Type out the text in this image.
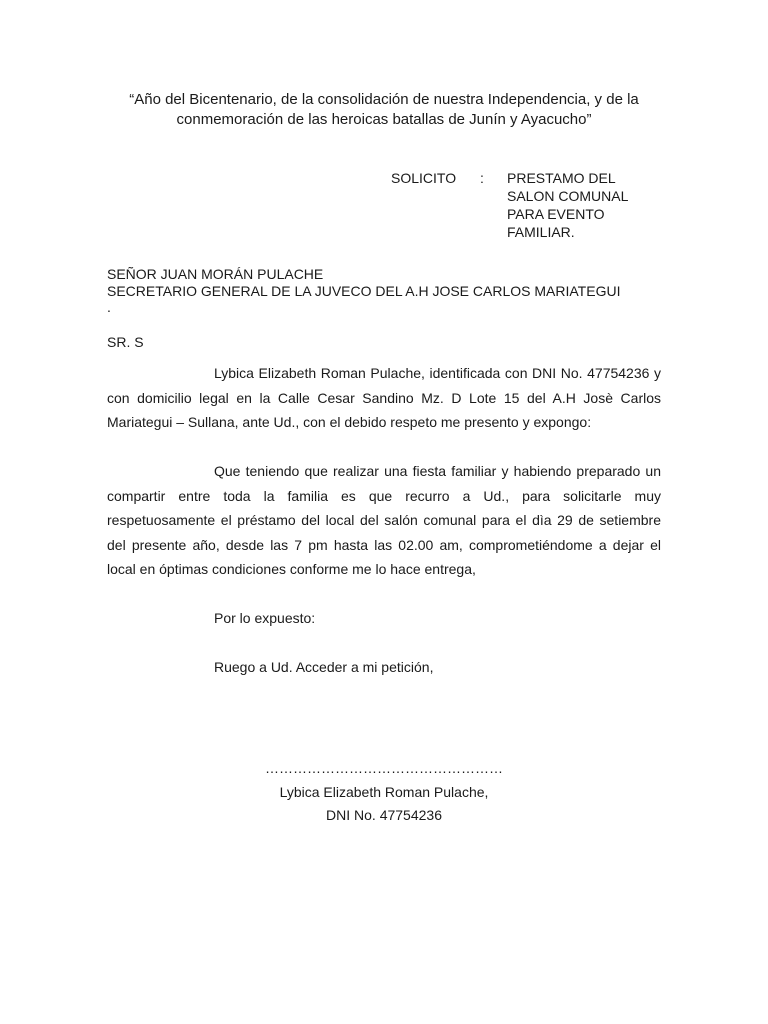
“Año del Bicentenario, de la consolidación de nuestra Independencia, y de la
conmemoración de las heroicas batallas de Junín y Ayacucho”
SOLICITO : PRESTAMO DEL
SALON COMUNAL
PARA EVENTO
FAMILIAR.
SEÑOR JUAN MORÁN PULACHE
SECRETARIO GENERAL DE LA JUVECO DEL A.H JOSE CARLOS MARIATEGUI
.
SR. S

Lybica Elizabeth Roman Pulache, identificada con DNI No. 47754236 y con domicilio legal en la Calle Cesar Sandino Mz. D Lote 15 del A.H Josè Carlos Mariategui – Sullana, ante Ud., con el debido respeto me presento y expongo:

Que teniendo que realizar una fiesta familiar y habiendo preparado un compartir entre toda la familia es que recurro a Ud., para solicitarle muy respetuosamente el préstamo del local del salón comunal para el dìa 29 de setiembre del presente año, desde las 7 pm hasta las 02.00 am, comprometiéndome a dejar el local en óptimas condiciones conforme me lo hace entrega,

Por lo expuesto:
Ruego a Ud. Acceder a mi petición,
……………………………………………
Lybica Elizabeth Roman Pulache,
DNI No. 47754236
